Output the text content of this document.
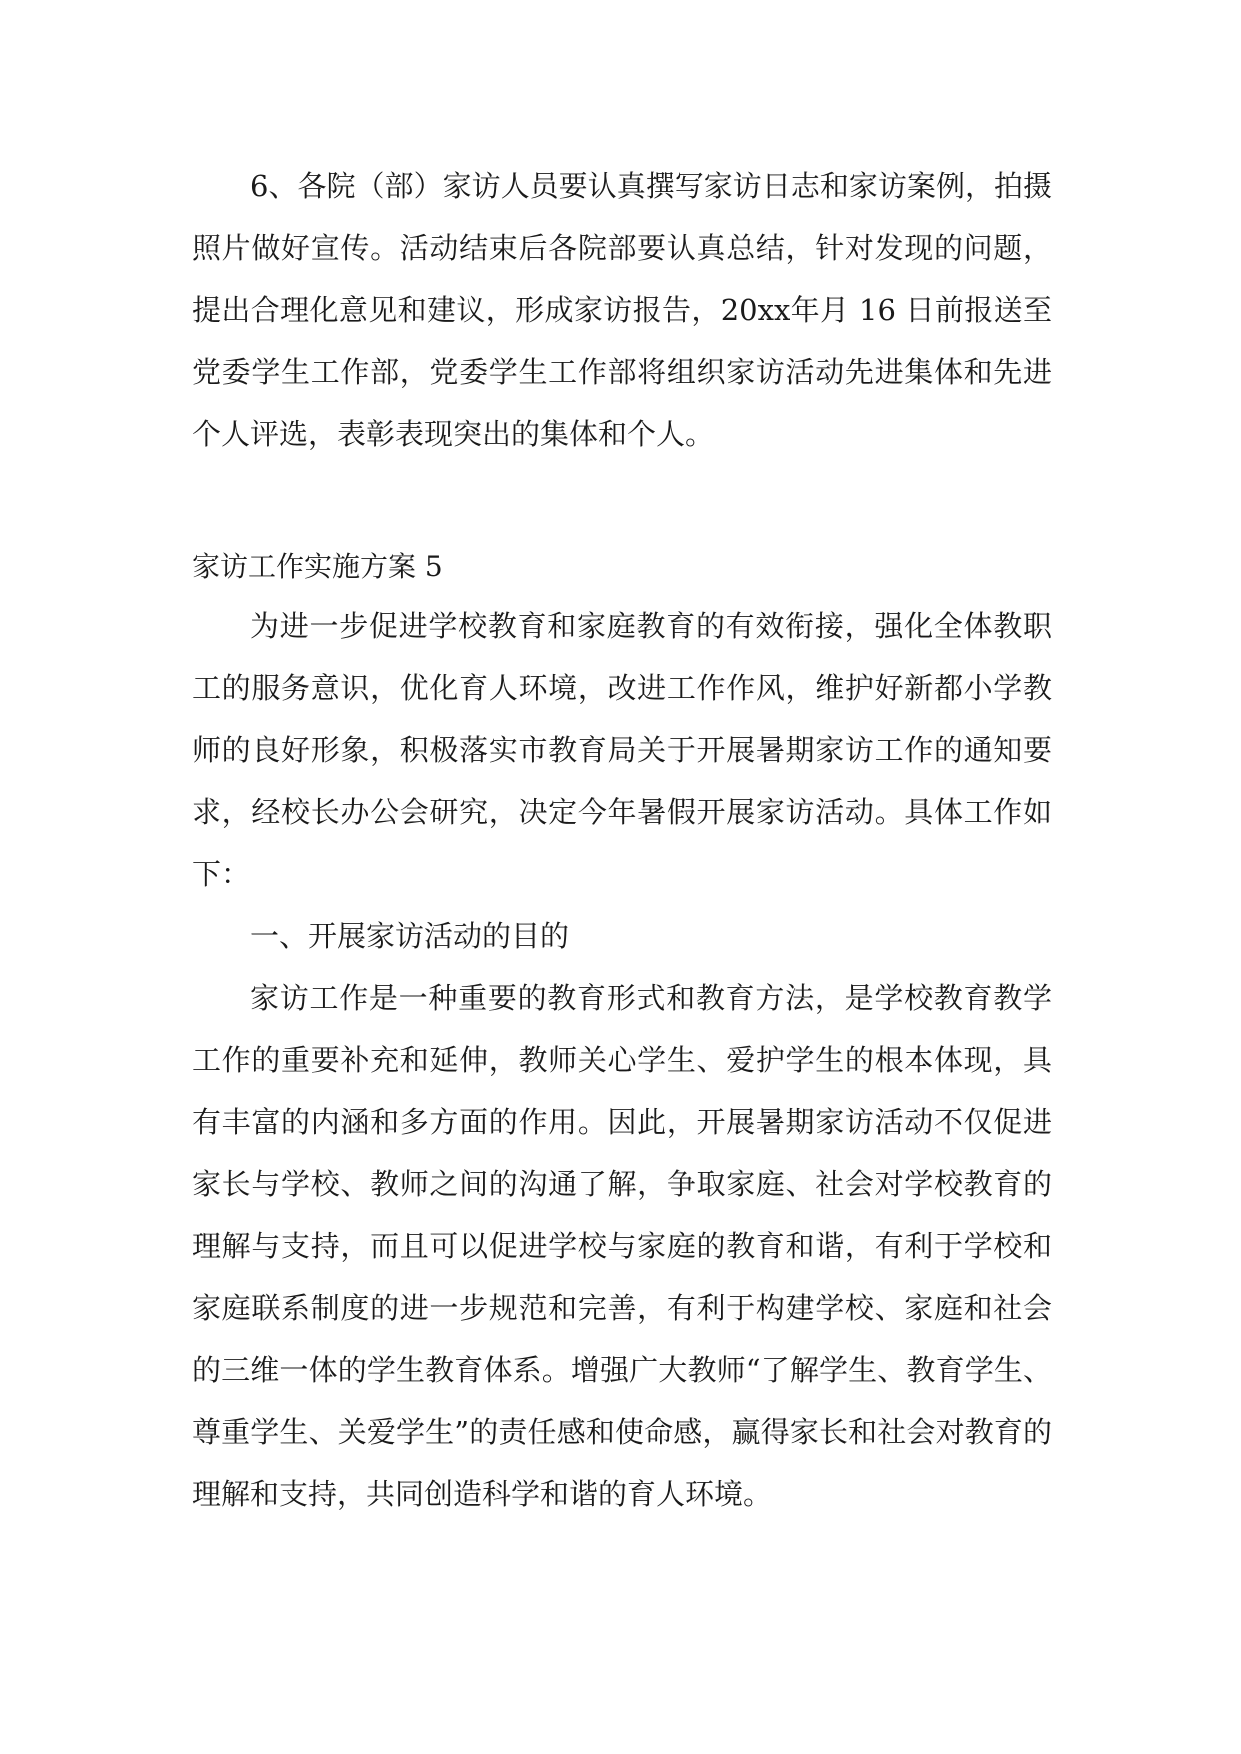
6、各院（部）家访人员要认真撰写家访日志和家访案例，拍摄照片做好宣传。活动结束后各院部要认真总结，针对发现的问题，提出合理化意见和建议，形成家访报告，20xx年月 16 日前报送至党委学生工作部，党委学生工作部将组织家访活动先进集体和先进个人评选，表彰表现突出的集体和个人。

家访工作实施方案 5

为进一步促进学校教育和家庭教育的有效衔接，强化全体教职工的服务意识，优化育人环境，改进工作作风，维护好新都小学教师的良好形象，积极落实市教育局关于开展暑期家访工作的通知要求，经校长办公会研究，决定今年暑假开展家访活动。具体工作如下：

一、开展家访活动的目的

家访工作是一种重要的教育形式和教育方法，是学校教育教学工作的重要补充和延伸，教师关心学生、爱护学生的根本体现，具有丰富的内涵和多方面的作用。因此，开展暑期家访活动不仅促进家长与学校、教师之间的沟通了解，争取家庭、社会对学校教育的理解与支持，而且可以促进学校与家庭的教育和谐，有利于学校和家庭联系制度的进一步规范和完善，有利于构建学校、家庭和社会的三维一体的学生教育体系。增强广大教师“了解学生、教育学生、尊重学生、关爱学生”的责任感和使命感，赢得家长和社会对教育的理解和支持，共同创造科学和谐的育人环境。
